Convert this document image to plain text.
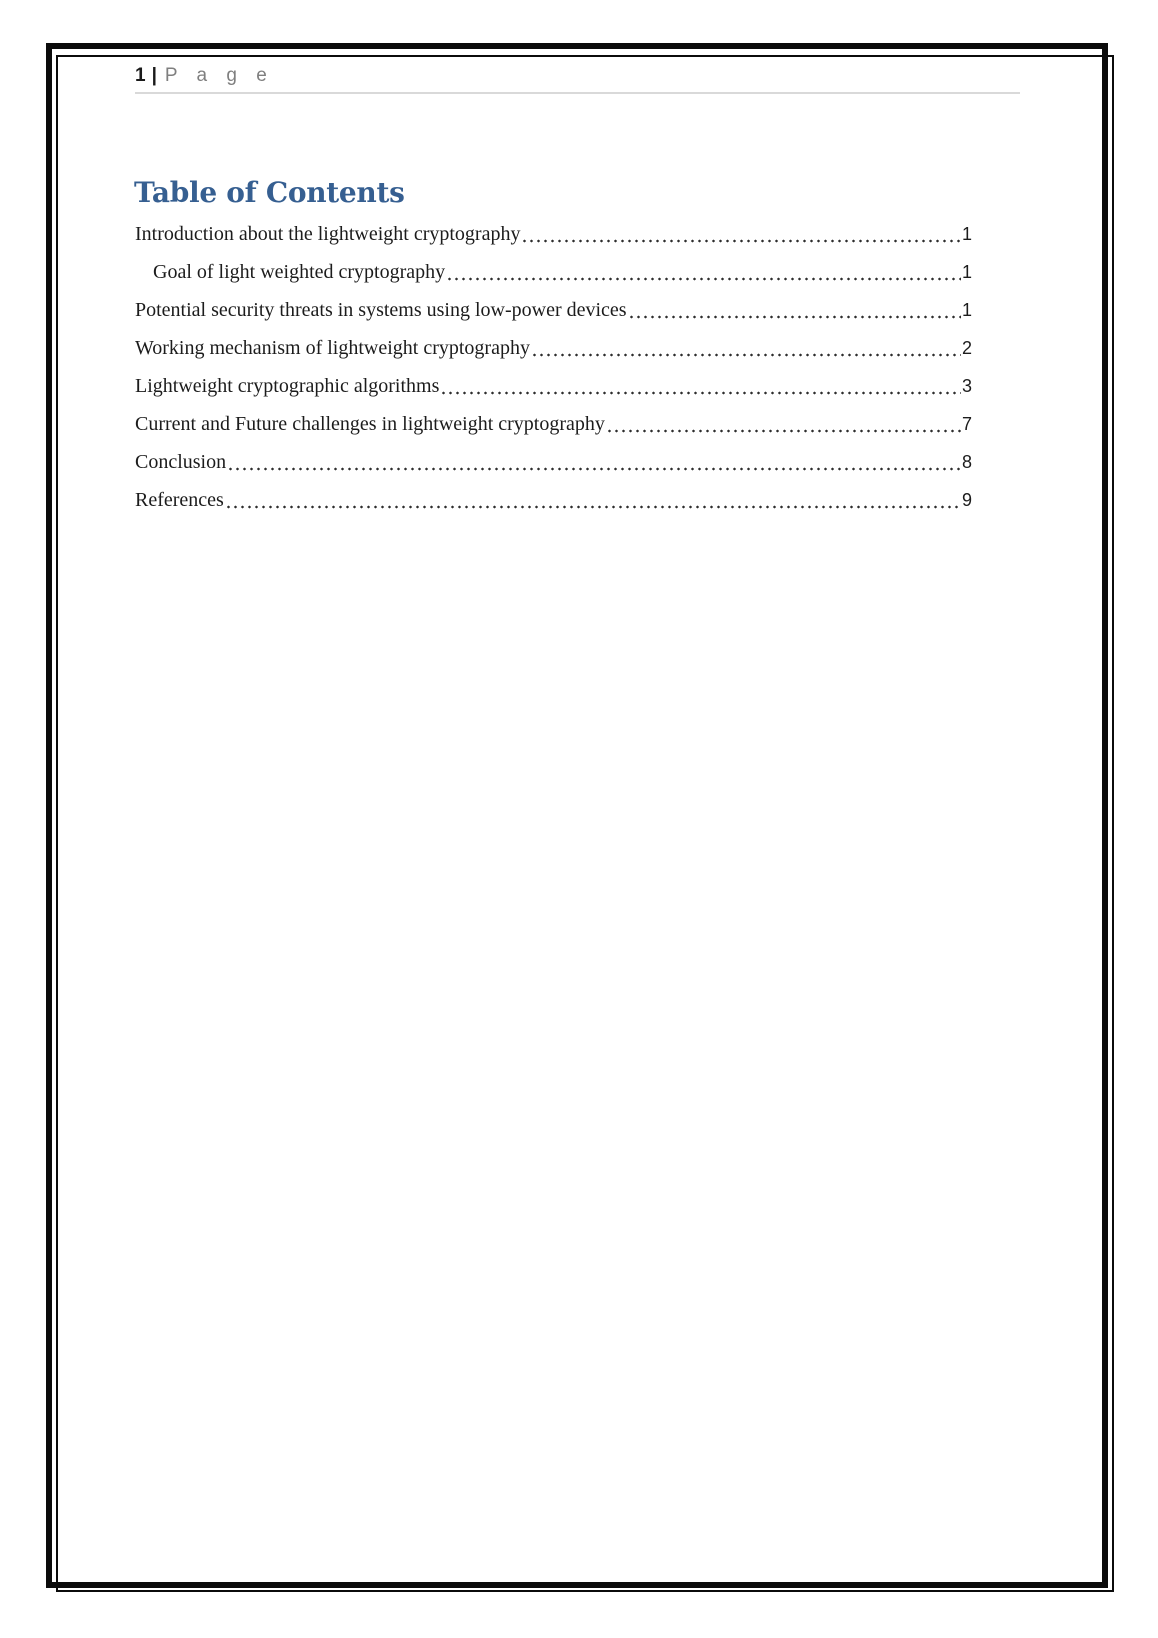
1 | P a g e
Table of Contents
Introduction about the lightweight cryptography	1
Goal of light weighted cryptography	1
Potential security threats in systems using low-power devices	1
Working mechanism of lightweight cryptography	2
Lightweight cryptographic algorithms	3
Current and Future challenges in lightweight cryptography	7
Conclusion	8
References	9
